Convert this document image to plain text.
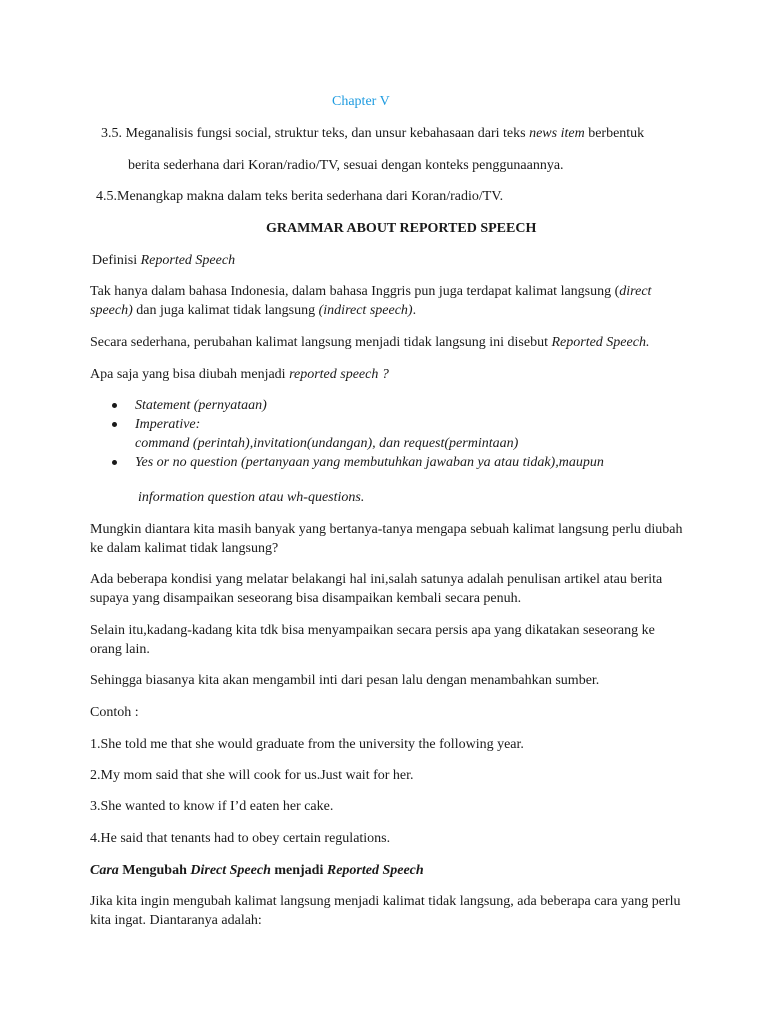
Chapter V
3.5. Meganalisis fungsi social, struktur teks, dan unsur kebahasaan dari teks news item berbentuk
berita sederhana dari Koran/radio/TV, sesuai dengan konteks penggunaannya.
4.5.Menangkap makna dalam teks berita sederhana dari Koran/radio/TV.
GRAMMAR ABOUT REPORTED SPEECH
Definisi Reported Speech
Tak hanya dalam bahasa Indonesia, dalam bahasa Inggris pun juga terdapat kalimat langsung (direct speech) dan juga kalimat tidak langsung (indirect speech).
Secara sederhana, perubahan kalimat langsung menjadi tidak langsung ini disebut Reported Speech.
Apa saja yang bisa diubah menjadi reported speech ?
Statement (pernyataan)
Imperative:
command (perintah),invitation(undangan), dan request(permintaan)
Yes or no question (pertanyaan yang membutuhkan jawaban ya atau tidak),maupun
information question atau wh-questions.
Mungkin diantara kita masih banyak yang bertanya-tanya mengapa sebuah kalimat langsung perlu diubah ke dalam kalimat tidak langsung?
Ada beberapa kondisi yang melatar belakangi hal ini,salah satunya adalah penulisan artikel atau berita supaya yang disampaikan seseorang bisa disampaikan kembali secara penuh.
Selain itu,kadang-kadang kita tdk bisa menyampaikan secara persis apa yang dikatakan seseorang ke orang lain.
Sehingga biasanya kita akan mengambil inti dari pesan lalu dengan menambahkan sumber.
Contoh :
1.She told me that she would graduate from the university the following year.
2.My mom said that she will cook for us.Just wait for her.
3.She wanted to know if I’d eaten her cake.
4.He said that tenants had to obey certain regulations.
Cara Mengubah Direct Speech menjadi Reported Speech
Jika kita ingin mengubah kalimat langsung menjadi kalimat tidak langsung, ada beberapa cara yang perlu kita ingat. Diantaranya adalah:
